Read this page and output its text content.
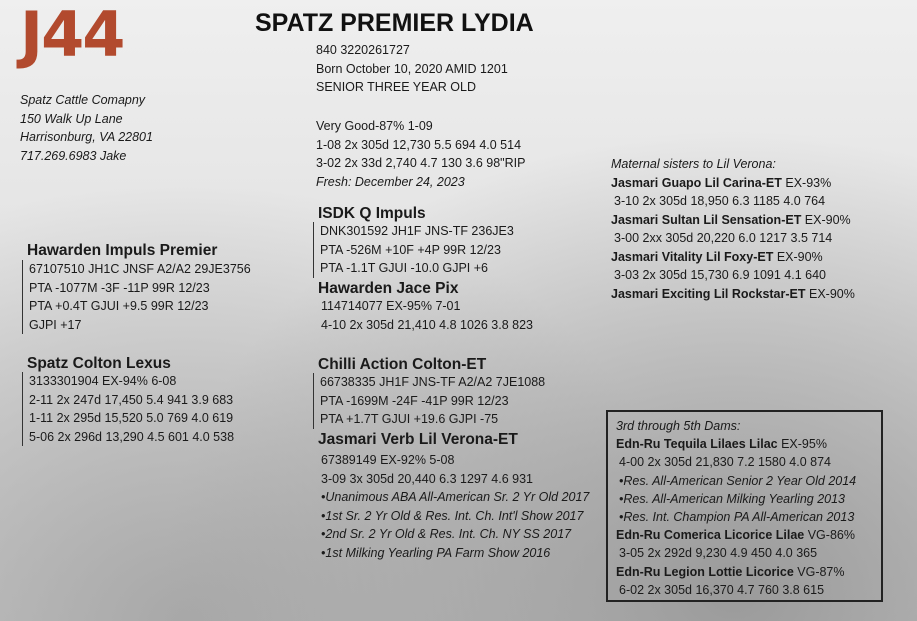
J44	SPATZ PREMIER LYDIA
840 3220261727
Born October 10, 2020 AMID 1201
SENIOR THREE YEAR OLD
Spatz Cattle Comapny
150 Walk Up Lane
Harrisonburg, VA 22801
717.269.6983 Jake
Very Good-87% 1-09
1-08 2x 305d 12,730 5.5 694 4.0 514
3-02 2x 33d 2,740 4.7 130 3.6 98"RIP
Fresh: December 24, 2023
Hawarden Impuls Premier
67107510 JH1C JNSF A2/A2 29JE3756
PTA -1077M -3F -11P 99R 12/23
PTA +0.4T GJUI +9.5 99R 12/23
GJPI +17
ISDK Q Impuls
DNK301592 JH1F JNS-TF 236JE3
PTA -526M +10F +4P 99R 12/23
PTA -1.1T GJUI -10.0 GJPI +6
Hawarden Jace Pix
114714077 EX-95% 7-01
4-10 2x 305d 21,410 4.8 1026 3.8 823
Spatz Colton Lexus
3133301904 EX-94% 6-08
2-11 2x 247d 17,450 5.4 941 3.9 683
1-11 2x 295d 15,520 5.0 769 4.0 619
5-06 2x 296d 13,290 4.5 601 4.0 538
Chilli Action Colton-ET
66738335 JH1F JNS-TF A2/A2 7JE1088
PTA -1699M -24F -41P 99R 12/23
PTA +1.7T GJUI +19.6 GJPI -75
Jasmari Verb Lil Verona-ET
67389149 EX-92% 5-08
3-09 3x 305d 20,440 6.3 1297 4.6 931
•Unanimous ABA All-American Sr. 2 Yr Old 2017
•1st Sr. 2 Yr Old & Res. Int. Ch. Int'l Show 2017
•2nd Sr. 2 Yr Old & Res. Int. Ch. NY SS 2017
•1st Milking Yearling PA Farm Show 2016
Maternal sisters to Lil Verona:
Jasmari Guapo Lil Carina-ET EX-93%
3-10 2x 305d 18,950 6.3 1185 4.0 764
Jasmari Sultan Lil Sensation-ET EX-90%
3-00 2xx 305d 20,220 6.0 1217 3.5 714
Jasmari Vitality Lil Foxy-ET EX-90%
3-03 2x 305d 15,730 6.9 1091 4.1 640
Jasmari Exciting Lil Rockstar-ET EX-90%
3rd through 5th Dams:
Edn-Ru Tequila Lilaes Lilac EX-95%
4-00 2x 305d 21,830 7.2 1580 4.0 874
•Res. All-American Senior 2 Year Old 2014
•Res. All-American Milking Yearling 2013
•Res. Int. Champion PA All-American 2013
Edn-Ru Comerica Licorice Lilae VG-86%
3-05 2x 292d 9,230 4.9 450 4.0 365
Edn-Ru Legion Lottie Licorice VG-87%
6-02 2x 305d 16,370 4.7 760 3.8 615
